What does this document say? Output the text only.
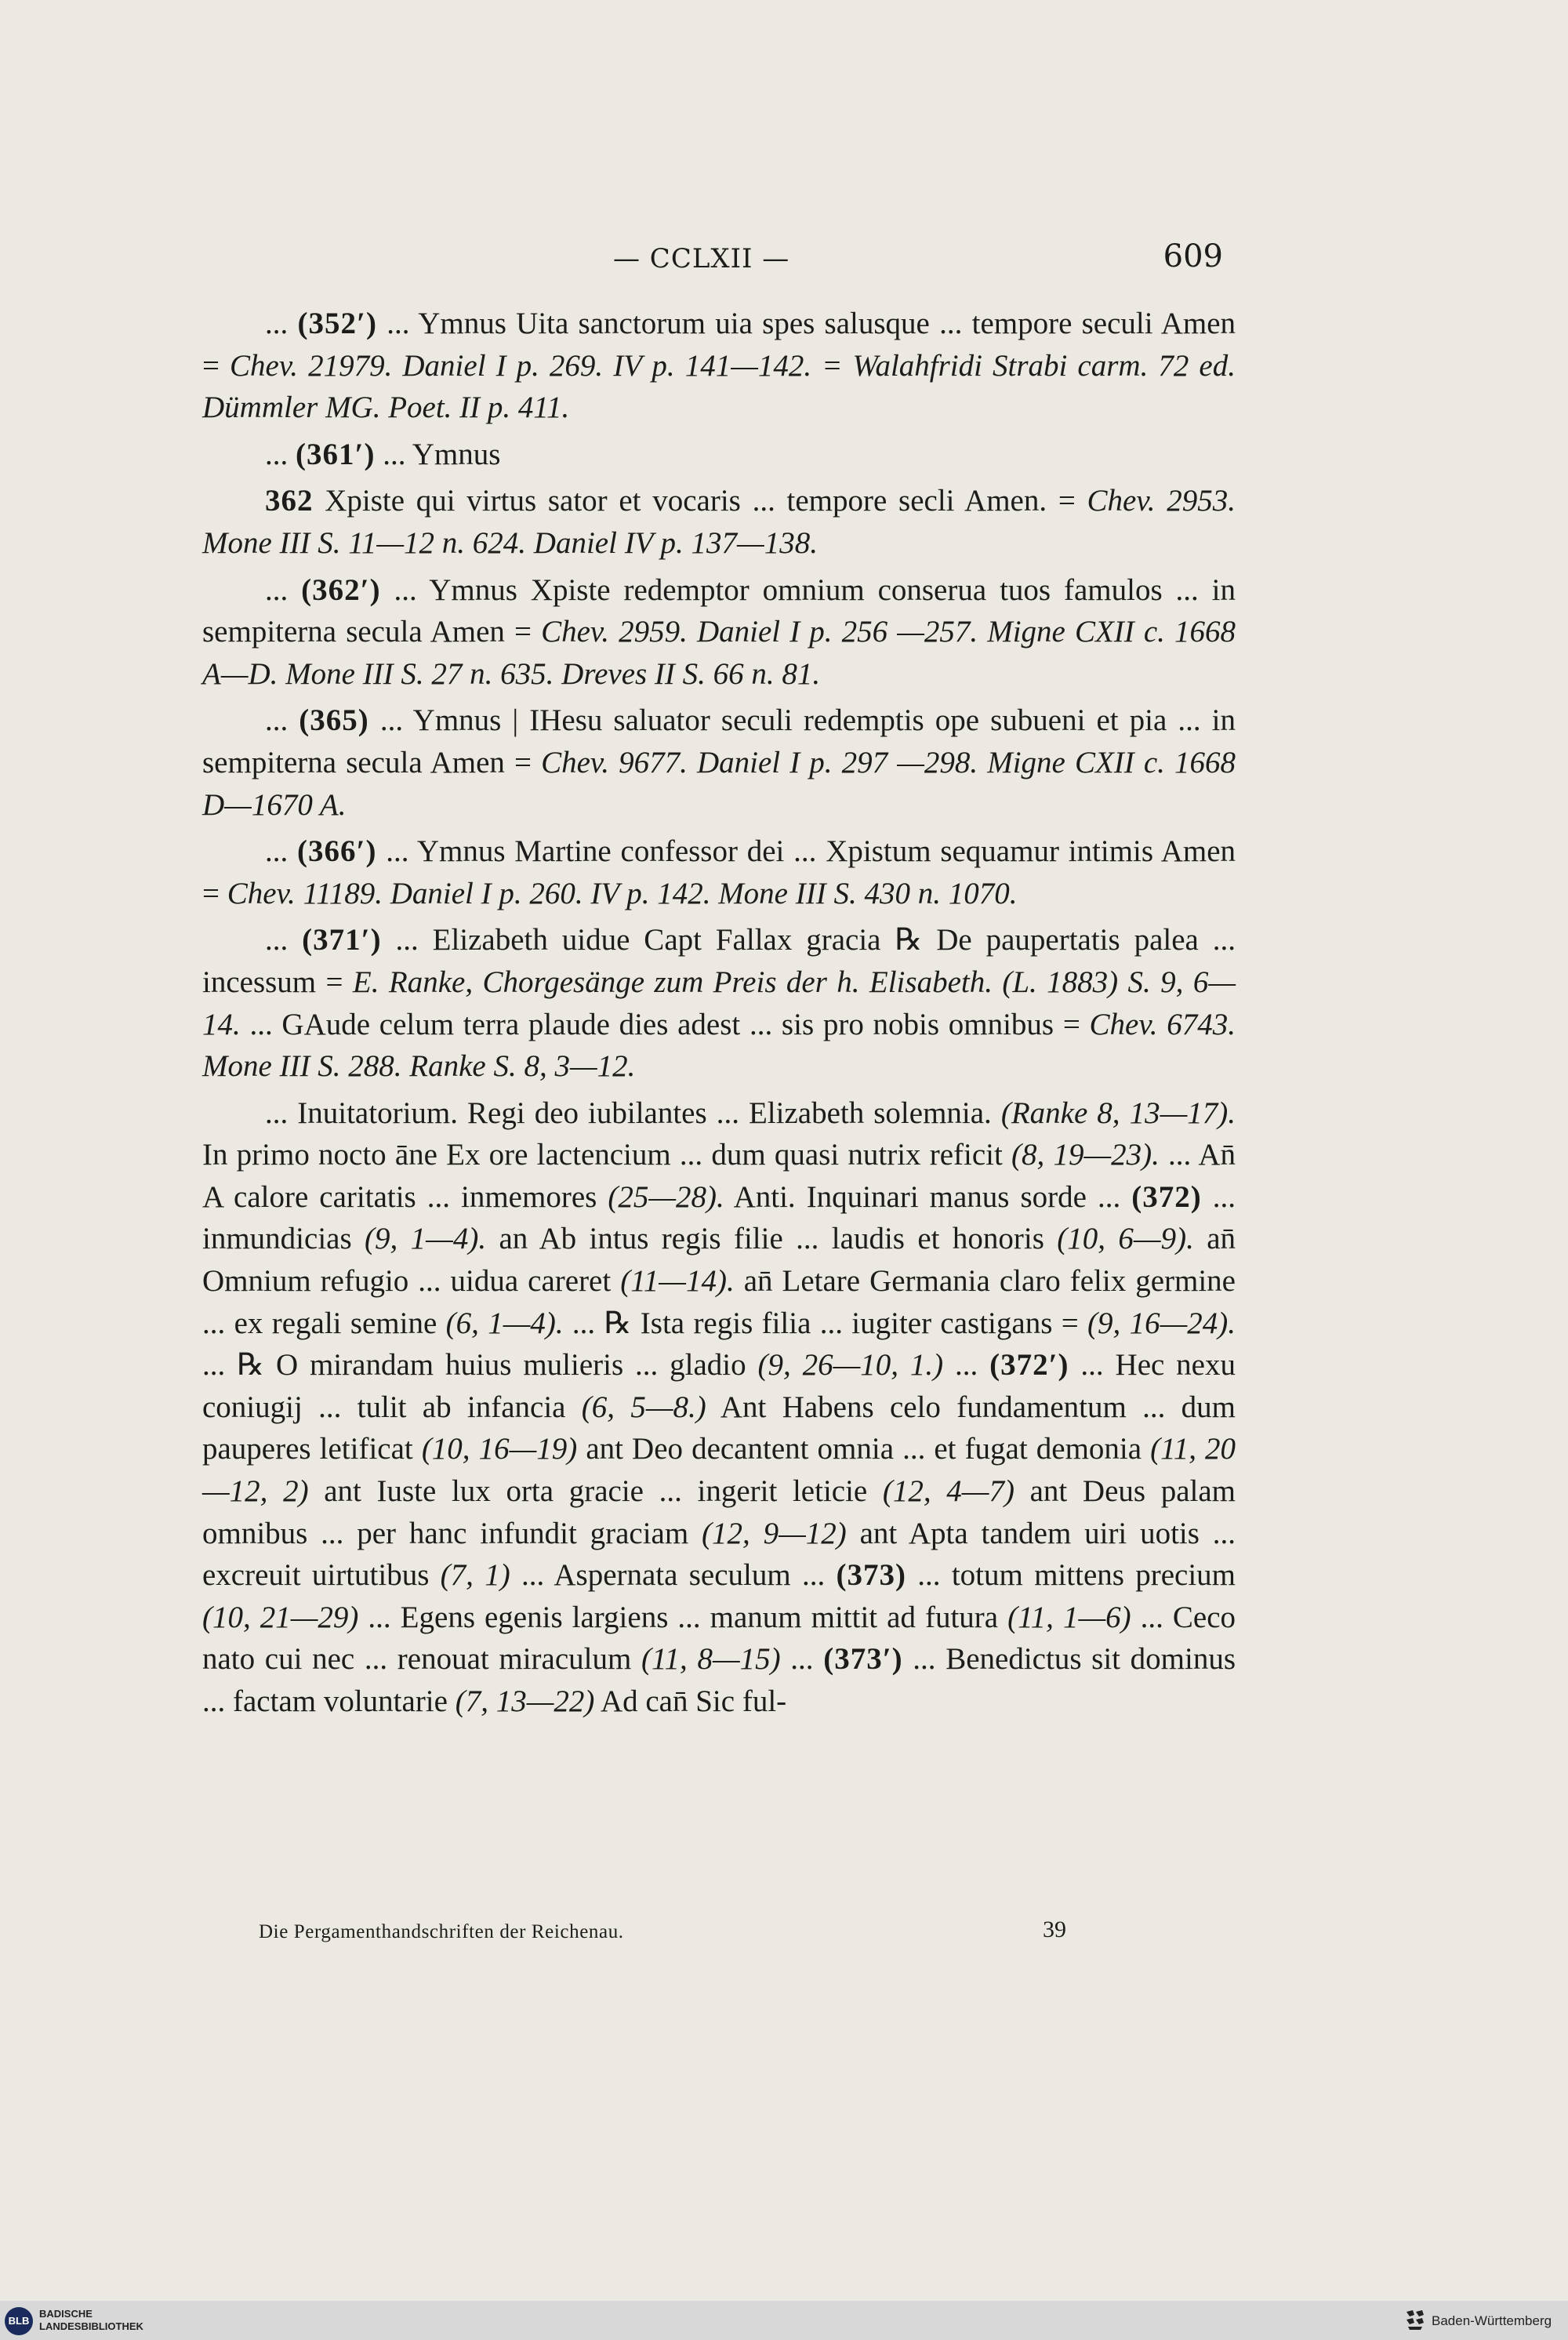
— CCLXII —	609

... (352′) ... Ymnus Uita sanctorum uia spes salusque ... tempore seculi Amen = Chev. 21979. Daniel I p. 269. IV p. 141—142. = Walahfridi Strabi carm. 72 ed. Dümmler MG. Poet. II p. 411.

... (361′) ... Ymnus

362 Χpiste qui virtus sator et vocaris ... tempore secli Amen. = Chev. 2953. Mone III S. 11—12 n. 624. Daniel IV p. 137—138.

... (362′) ... Ymnus Χpiste redemptor omnium conserua tuos famulos ... in sempiterna secula Amen = Chev. 2959. Daniel I p. 256 —257. Migne CXII c. 1668 A—D. Mone III S. 27 n. 635. Dreves II S. 66 n. 81.

... (365) ... Ymnus | IHesu saluator seculi redemptis ope subueni et pia ... in sempiterna secula Amen = Chev. 9677. Daniel I p. 297 —298. Migne CXII c. 1668 D—1670 A.

... (366′) ... Ymnus Martine confessor dei ... Χpistum sequamur intimis Amen = Chev. 11189. Daniel I p. 260. IV p. 142. Mone III S. 430 n. 1070.

... (371′) ... Elizabeth uidue Capt Fallax gracia ℞ De paupertatis palea ... incessum = E. Ranke, Chorgesänge zum Preis der h. Elisabeth. (L. 1883) S. 9, 6—14. ... GAude celum terra plaude dies adest ... sis pro nobis omnibus = Chev. 6743. Mone III S. 288. Ranke S. 8, 3—12.

... Inuitatorium. Regi deo iubilantes ... Elizabeth solemnia. (Ranke 8, 13—17). In primo nocto āne Ex ore lactencium ... dum quasi nutrix reficit (8, 19—23). ... An̄ A calore caritatis ... inmemores (25—28). Anti. Inquinari manus sorde ... (372) ... inmundicias (9, 1—4). an Ab intus regis filie ... laudis et honoris (10, 6—9). an̄ Omnium refugio ... uidua careret (11—14). an̄ Letare Germania claro felix germine ... ex regali semine (6, 1—4). ... ℞ Ista regis filia ... iugiter castigans = (9, 16—24). ... ℞ O mirandam huius mulieris ... gladio (9, 26—10, 1.) ... (372′) ... Hec nexu coniugij ... tulit ab infancia (6, 5—8.) Ant Habens celo fundamentum ... dum pauperes letificat (10, 16—19) ant Deo decantent omnia ... et fugat demonia (11, 20—12, 2) ant Iuste lux orta gracie ... ingerit leticie (12, 4—7) ant Deus palam omnibus ... per hanc infundit graciam (12, 9—12) ant Apta tandem uiri uotis ... excreuit uirtutibus (7, 1) ... Aspernata seculum ... (373) ... totum mittens precium (10, 21—29) ... Egens egenis largiens ... manum mittit ad futura (11, 1—6) ... Ceco nato cui nec ... renouat miraculum (11, 8—15) ... (373′) ... Benedictus sit dominus ... factam voluntarie (7, 13—22) Ad can̄ Sic ful-

Die Pergamenthandschriften der Reichenau.	39
BLB
BADISCHE
LANDESBIBLIOTHEK	Baden-Württemberg
